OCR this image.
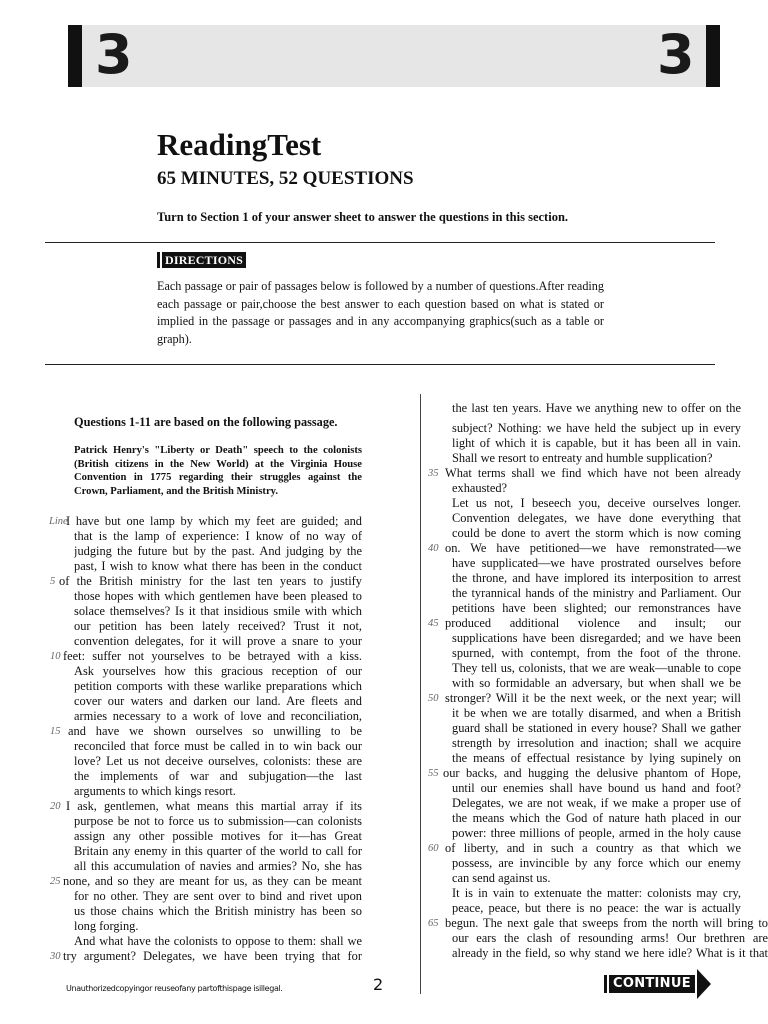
3	3
ReadingTest
65 MINUTES, 52 QUESTIONS
Turn to Section 1 of your answer sheet to answer the questions in this section.
DIRECTIONS
Each passage or pair of passages below is followed by a number of questions.After reading each passage or pair,choose the best answer to each question based on what is stated or implied in the passage or passages and in any accompanying graphics(such as a table or graph).
Questions 1-11 are based on the following passage.
Patrick Henry's "Liberty or Death" speech to the colonists (British citizens in the New World) at the Virginia House Convention in 1775 regarding their struggles against the Crown, Parliament, and the British Ministry.
I have but one lamp by which my feet are guided; and
that is the lamp of experience: I know of no way of
judging the future but by the past. And judging by the
past, I wish to know what there has been in the conduct
of the British ministry for the last ten years to justify
those hopes with which gentlemen have been pleased to
solace themselves? Is it that insidious smile with which
our petition has been lately received? Trust it not,
convention delegates, for it will prove a snare to your
feet: suffer not yourselves to be betrayed with a kiss.
Ask yourselves how this gracious reception of our
petition comports with these warlike preparations which
cover our waters and darken our land. Are fleets and
armies necessary to a work of love and reconciliation,
and have we shown ourselves so unwilling to be
reconciled that force must be called in to win back our
love? Let us not deceive ourselves, colonists: these are
the implements of war and subjugation—the last
arguments to which kings resort.
I ask, gentlemen, what means this martial array if its
purpose be not to force us to submission—can colonists
assign any other possible motives for it—has Great
Britain any enemy in this quarter of the world to call for
all this accumulation of navies and armies? No, she has
none, and so they are meant for us, as they can be meant
for no other. They are sent over to bind and rivet upon
us those chains which the British ministry has been so
long forging.
And what have the colonists to oppose to them: shall we
try argument? Delegates, we have been trying that for
Line
5
10
15
20
25
30
the last ten years. Have we anything new to offer on the
subject? Nothing: we have held the subject up in every
light of which it is capable, but it has been all in vain.
Shall we resort to entreaty and humble supplication?
What terms shall we find which have not been already
exhausted?
Let us not, I beseech you, deceive ourselves longer.
Convention delegates, we have done everything that
could be done to avert the storm which is now coming
on. We have petitioned—we have remonstrated—we
have supplicated—we have prostrated ourselves before
the throne, and have implored its interposition to arrest
the tyrannical hands of the ministry and Parliament. Our
petitions have been slighted; our remonstrances have
produced additional violence and insult; our
supplications have been disregarded; and we have been
spurned, with contempt, from the foot of the throne.
They tell us, colonists, that we are weak—unable to cope
with so formidable an adversary, but when shall we be
stronger? Will it be the next week, or the next year; will
it be when we are totally disarmed, and when a British
guard shall be stationed in every house? Shall we gather
strength by irresolution and inaction; shall we acquire
the means of effectual resistance by lying supinely on
our backs, and hugging the delusive phantom of Hope,
until our enemies shall have bound us hand and foot?
Delegates, we are not weak, if we make a proper use of
the means which the God of nature hath placed in our
power: three millions of people, armed in the holy cause
of liberty, and in such a country as that which we
possess, are invincible by any force which our enemy
can send against us.
It is in vain to extenuate the matter: colonists may cry,
peace, peace, but there is no peace: the war is actually
begun. The next gale that sweeps from the north will bring to
our ears the clash of resounding arms! Our brethren are
already in the field, so why stand we here idle? What is it that
35
40
45
50
55
60
65
Unauthorizedcopyingor reuseofany partofthispage isillegal.	2	CONTINUE
